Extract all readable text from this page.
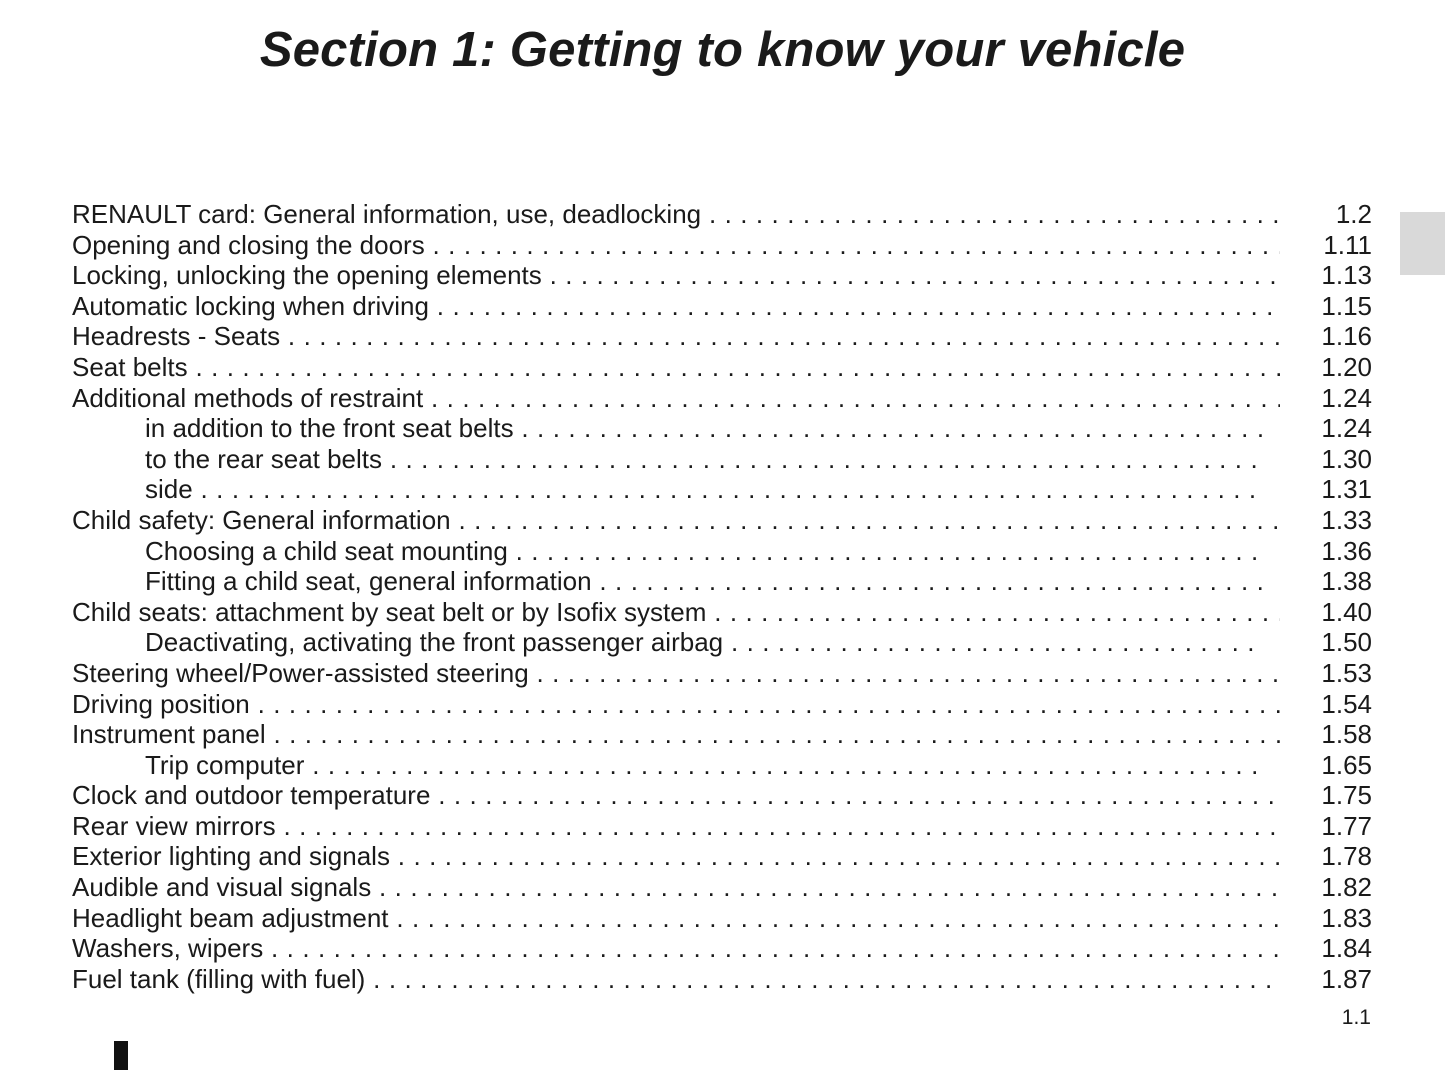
Section 1: Getting to know your vehicle
RENAULT card: General information, use, deadlocking . . .	1.2
Opening and closing the doors . . .	1.11
Locking, unlocking the opening elements . . .	1.13
Automatic locking when driving . . .	1.15
Headrests - Seats . . .	1.16
Seat belts . . .	1.20
Additional methods of restraint . . .	1.24
in addition to the front seat belts . . .	1.24
to the rear seat belts . . .	1.30
side . . .	1.31
Child safety: General information . . .	1.33
Choosing a child seat mounting . . .	1.36
Fitting a child seat, general information . . .	1.38
Child seats: attachment by seat belt or by Isofix system . . .	1.40
Deactivating, activating the front passenger airbag . . .	1.50
Steering wheel/Power-assisted steering . . .	1.53
Driving position . . .	1.54
Instrument panel . . .	1.58
Trip computer . . .	1.65
Clock and outdoor temperature . . .	1.75
Rear view mirrors . . .	1.77
Exterior lighting and signals . . .	1.78
Audible and visual signals . . .	1.82
Headlight beam adjustment . . .	1.83
Washers, wipers . . .	1.84
Fuel tank (filling with fuel) . . .	1.87
1.1
